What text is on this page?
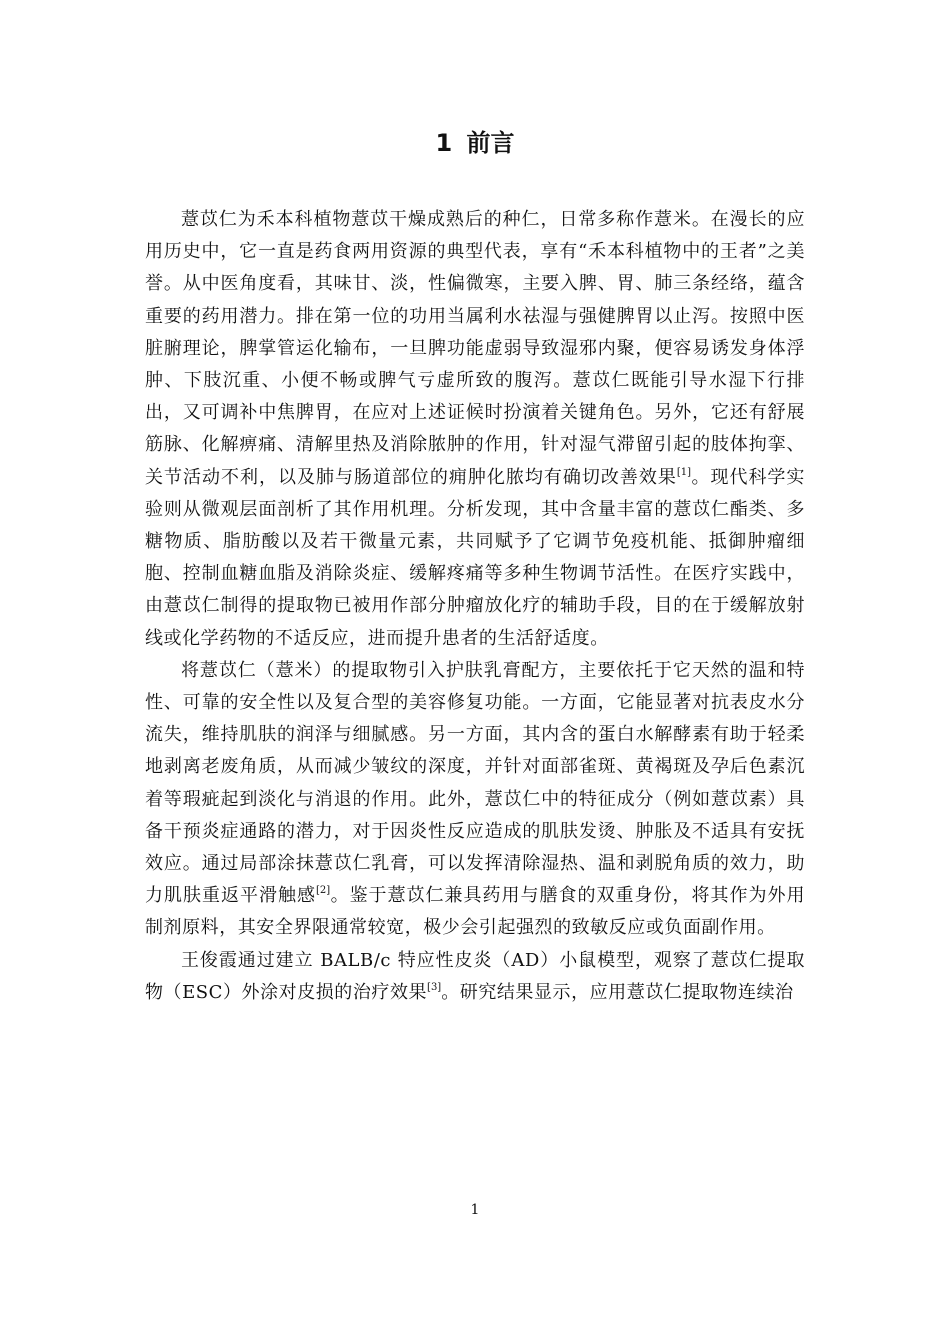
1 前言

薏苡仁为禾本科植物薏苡干燥成熟后的种仁，日常多称作薏米。在漫长的应用历史中，它一直是药食两用资源的典型代表，享有“禾本科植物中的王者”之美誉。从中医角度看，其味甘、淡，性偏微寒，主要入脾、胃、肺三条经络，蕴含重要的药用潜力。排在第一位的功用当属利水祛湿与强健脾胃以止泻。按照中医脏腑理论，脾掌管运化输布，一旦脾功能虚弱导致湿邪内聚，便容易诱发身体浮肿、下肢沉重、小便不畅或脾气亏虚所致的腹泻。薏苡仁既能引导水湿下行排出，又可调补中焦脾胃，在应对上述证候时扮演着关键角色。另外，它还有舒展筋脉、化解痹痛、清解里热及消除脓肿的作用，针对湿气滞留引起的肢体拘挛、关节活动不利，以及肺与肠道部位的痈肿化脓均有确切改善效果[1]。现代科学实验则从微观层面剖析了其作用机理。分析发现，其中含量丰富的薏苡仁酯类、多糖物质、脂肪酸以及若干微量元素，共同赋予了它调节免疫机能、抵御肿瘤细胞、控制血糖血脂及消除炎症、缓解疼痛等多种生物调节活性。在医疗实践中，由薏苡仁制得的提取物已被用作部分肿瘤放化疗的辅助手段，目的在于缓解放射线或化学药物的不适反应，进而提升患者的生活舒适度。

将薏苡仁（薏米）的提取物引入护肤乳膏配方，主要依托于它天然的温和特性、可靠的安全性以及复合型的美容修复功能。一方面，它能显著对抗表皮水分流失，维持肌肤的润泽与细腻感。另一方面，其内含的蛋白水解酵素有助于轻柔地剥离老废角质，从而减少皱纹的深度，并针对面部雀斑、黄褐斑及孕后色素沉着等瑕疵起到淡化与消退的作用。此外，薏苡仁中的特征成分（例如薏苡素）具备干预炎症通路的潜力，对于因炎性反应造成的肌肤发烫、肿胀及不适具有安抚效应。通过局部涂抹薏苡仁乳膏，可以发挥清除湿热、温和剥脱角质的效力，助力肌肤重返平滑触感[2]。鉴于薏苡仁兼具药用与膳食的双重身份，将其作为外用制剂原料，其安全界限通常较宽，极少会引起强烈的致敏反应或负面副作用。

王俊霞通过建立 BALB/c 特应性皮炎（AD）小鼠模型，观察了薏苡仁提取物（ESC）外涂对皮损的治疗效果[3]。研究结果显示，应用薏苡仁提取物连续治

1
